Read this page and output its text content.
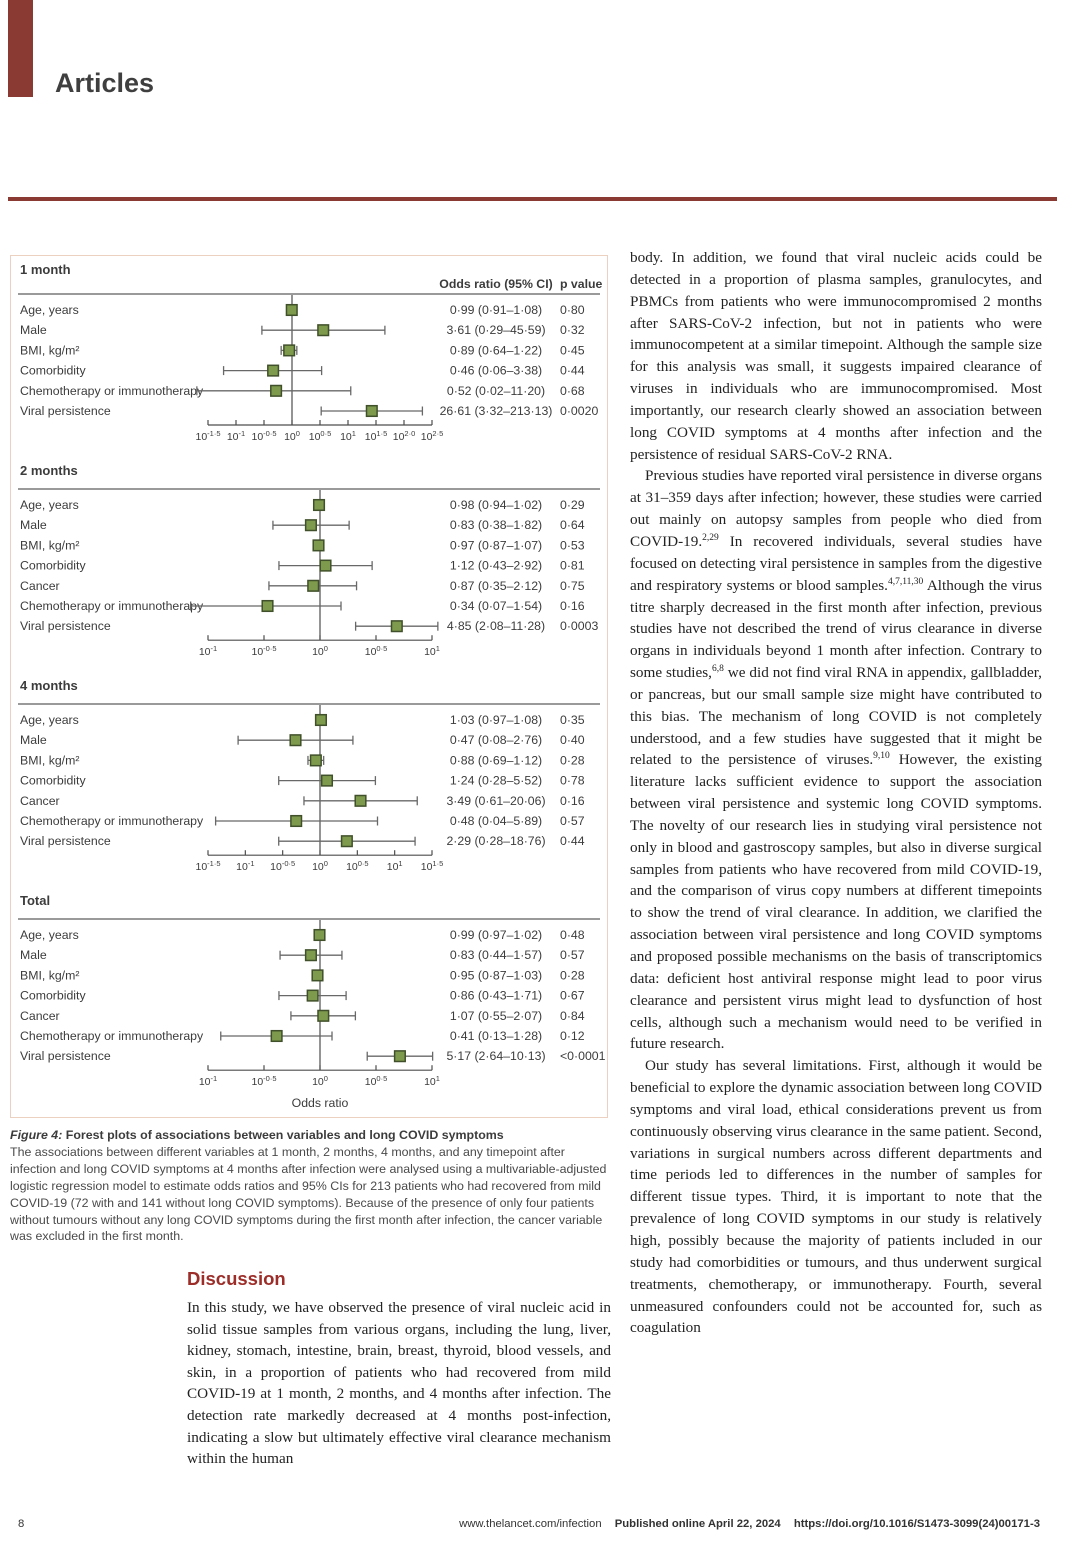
Articles
1 month
Odds ratio (95% CI) p value
Age, years	0·99 (0·91–1·08) 0·80
Male	3·61 (0·29–45·59) 0·32
BMI, kg/m²	0·89 (0·64–1·22) 0·45
Comorbidity	0·46 (0·06–3·38) 0·44
Chemotherapy or immunotherapy	0·52 (0·02–11·20) 0·68
Viral persistence	26·61 (3·32–213·13) 0·0020
$10^{-1\cdot 5}$ $10^{-1}$ $10^{-0\cdot 5}$ $10^0$ $10^{0\cdot 5}$ $10^1$ $10^{1\cdot 5}$ $10^{2\cdot 0}$ $10^{2\cdot 5}$
2 months
Age, years	0·98 (0·94–1·02) 0·29
Male	0·83 (0·38–1·82) 0·64
BMI, kg/m²	0·97 (0·87–1·07) 0·53
Comorbidity	1·12 (0·43–2·92) 0·81
Cancer	0·87 (0·35–2·12) 0·75
Chemotherapy or immunotherapy	0·34 (0·07–1·54) 0·16
Viral persistence	4·85 (2·08–11·28) 0·0003
$10^{-1}$	$10^{-0\cdot 5}$	$10^0$	$10^{0\cdot 5}$	$10^1$
4 months
Age, years	1·03 (0·97–1·08) 0·35
Male	0·47 (0·08–2·76) 0·40
BMI, kg/m²	0·88 (0·69–1·12) 0·28
Comorbidity	1·24 (0·28–5·52) 0·78
Cancer	3·49 (0·61–20·06) 0·16
Chemotherapy or immunotherapy	0·48 (0·04–5·89) 0·57
Viral persistence	2·29 (0·28–18·76) 0·44
$10^{-1\cdot 5}$ $10^{-1}$ $10^{-0\cdot 5}$ $10^0$ $10^{0\cdot 5}$ $10^1$ $10^{1\cdot 5}$
Total
Age, years	0·99 (0·97–1·02) 0·48
Male	0·83 (0·44–1·57) 0·57
BMI, kg/m²	0·95 (0·87–1·03) 0·28
Comorbidity	0·86 (0·43–1·71) 0·67
Cancer	1·07 (0·55–2·07) 0·84
Chemotherapy or immunotherapy	0·41 (0·13–1·28) 0·12
Viral persistence	5·17 (2·64–10·13) <0·0001
$10^{-1}$	$10^{-0\cdot 5}$	$10^0$	$10^{0\cdot 5}$	$10^1$
Odds ratio
Figure 4: Forest plots of associations between variables and long COVID symptoms
The associations between different variables at 1 month, 2 months, 4 months, and any timepoint after infection and long COVID symptoms at 4 months after infection were analysed using a multivariable-adjusted logistic regression model to estimate odds ratios and 95% CIs for 213 patients who had recovered from mild COVID-19 (72 with and 141 without long COVID symptoms). Because of the presence of only four patients without tumours without any long COVID symptoms during the first month after infection, the cancer variable was excluded in the first month.
Discussion

In this study, we have observed the presence of viral nucleic acid in solid tissue samples from various organs, including the lung, liver, kidney, stomach, intestine, brain, breast, thyroid, blood vessels, and skin, in a proportion of patients who had recovered from mild COVID-19 at 1 month, 2 months, and 4 months after infection. The detection rate markedly decreased at 4 months post-infection, indicating a slow but ultimately effective viral clearance mechanism within the human

body. In addition, we found that viral nucleic acids could be detected in a proportion of plasma samples, granulocytes, and PBMCs from patients who were immunocompromised 2 months after SARS-CoV-2 infection, but not in patients who were immunocompetent at a similar timepoint. Although the sample size for this analysis was small, it suggests impaired clearance of viruses in individuals who are immunocompromised. Most importantly, our research clearly showed an association between long COVID symptoms at 4 months after infection and the persistence of residual SARS-CoV-2 RNA.

Previous studies have reported viral persistence in diverse organs at 31–359 days after infection; however, these studies were carried out mainly on autopsy samples from people who died from COVID-19.$^{2,29}$ In recovered individuals, several studies have focused on detecting viral persistence in samples from the digestive and respiratory systems or blood samples.$^{4,7,11,30}$ Although the virus titre sharply decreased in the first month after infection, previous studies have not described the trend of virus clearance in diverse organs in individuals beyond 1 month after infection. Contrary to some studies,$^{6,8}$ we did not find viral RNA in appendix, gallbladder, or pancreas, but our small sample size might have contributed to this bias. The mechanism of long COVID is not completely understood, and a few studies have suggested that it might be related to the persistence of viruses.$^{9,10}$ However, the existing literature lacks sufficient evidence to support the association between viral persistence and systemic long COVID symptoms. The novelty of our research lies in studying viral persistence not only in blood and gastroscopy samples, but also in diverse surgical samples from patients who have recovered from mild COVID-19, and the comparison of virus copy numbers at different timepoints to show the trend of viral clearance. In addition, we clarified the association between viral persistence and long COVID symptoms and proposed possible mechanisms on the basis of transcriptomics data: deficient host antiviral response might lead to poor virus clearance and persistent virus might lead to dysfunction of host cells, although such a mechanism would need to be verified in future research.

Our study has several limitations. First, although it would be beneficial to explore the dynamic association between long COVID symptoms and viral load, ethical considerations prevent us from continuously observing virus clearance in the same patient. Second, variations in surgical numbers across different departments and time periods led to differences in the number of samples for different tissue types. Third, it is important to note that the prevalence of long COVID symptoms in our study is relatively high, possibly because the majority of patients included in our study had comorbidities or tumours, and thus underwent surgical treatments, chemotherapy, or immunotherapy. Fourth, several unmeasured confounders could not be accounted for, such as coagulation

8	www.thelancet.com/infection Published online April 22, 2024 https://doi.org/10.1016/S1473-3099(24)00171-3
